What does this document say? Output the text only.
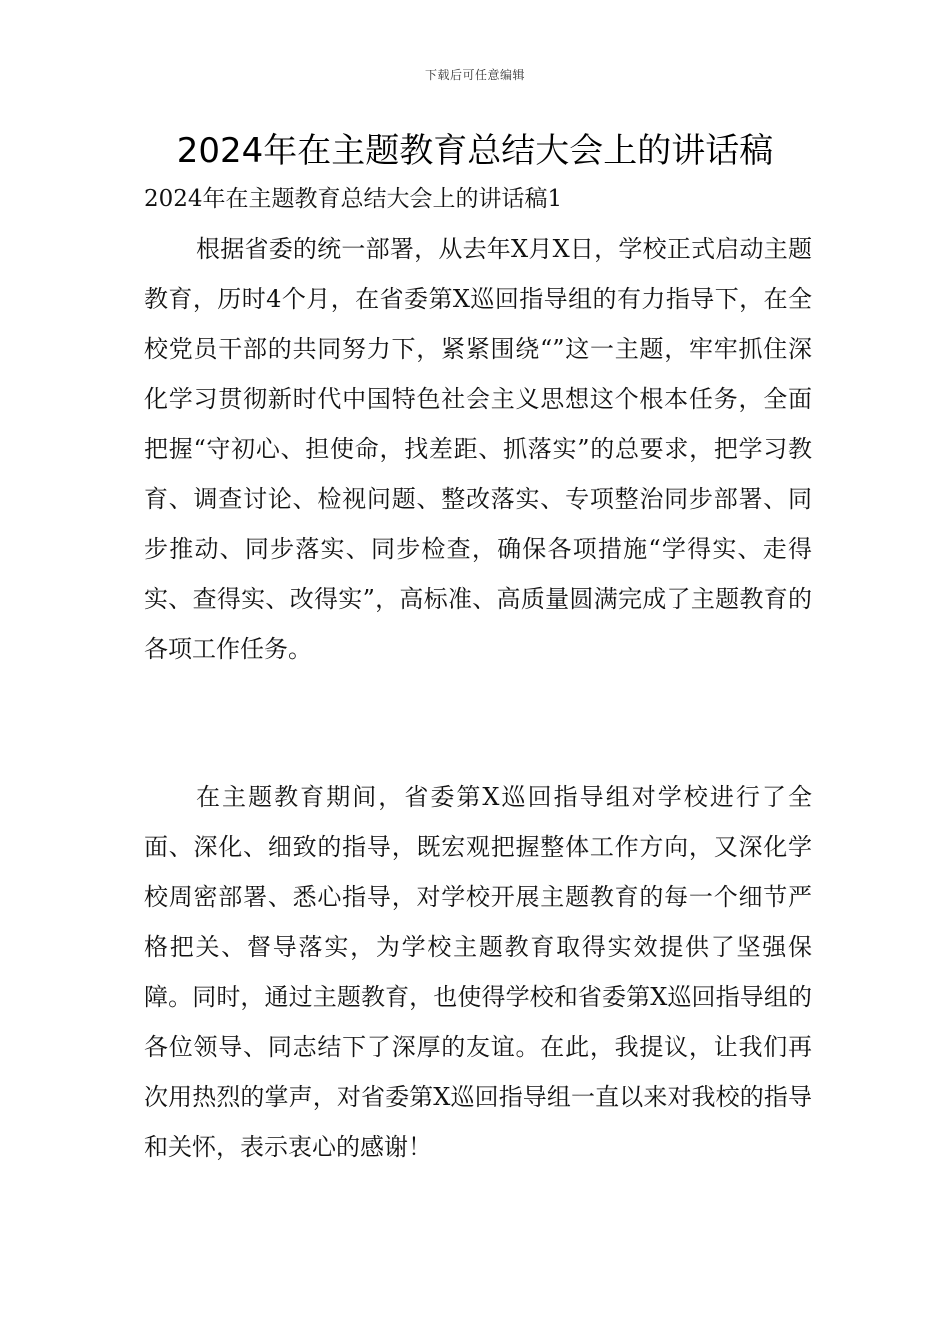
下载后可任意编辑
2024年在主题教育总结大会上的讲话稿

2024年在主题教育总结大会上的讲话稿1

根据省委的统一部署，从去年X月X日，学校正式启动主题教育，历时4个月，在省委第X巡回指导组的有力指导下，在全校党员干部的共同努力下，紧紧围绕“”这一主题，牢牢抓住深化学习贯彻新时代中国特色社会主义思想这个根本任务，全面把握“守初心、担使命，找差距、抓落实”的总要求，把学习教育、调查讨论、检视问题、整改落实、专项整治同步部署、同步推动、同步落实、同步检查，确保各项措施“学得实、走得实、查得实、改得实”，高标准、高质量圆满完成了主题教育的各项工作任务。

在主题教育期间，省委第X巡回指导组对学校进行了全面、深化、细致的指导，既宏观把握整体工作方向，又深化学校周密部署、悉心指导，对学校开展主题教育的每一个细节严格把关、督导落实，为学校主题教育取得实效提供了坚强保障。同时，通过主题教育，也使得学校和省委第X巡回指导组的各位领导、同志结下了深厚的友谊。在此，我提议，让我们再次用热烈的掌声，对省委第X巡回指导组一直以来对我校的指导和关怀，表示衷心的感谢！
